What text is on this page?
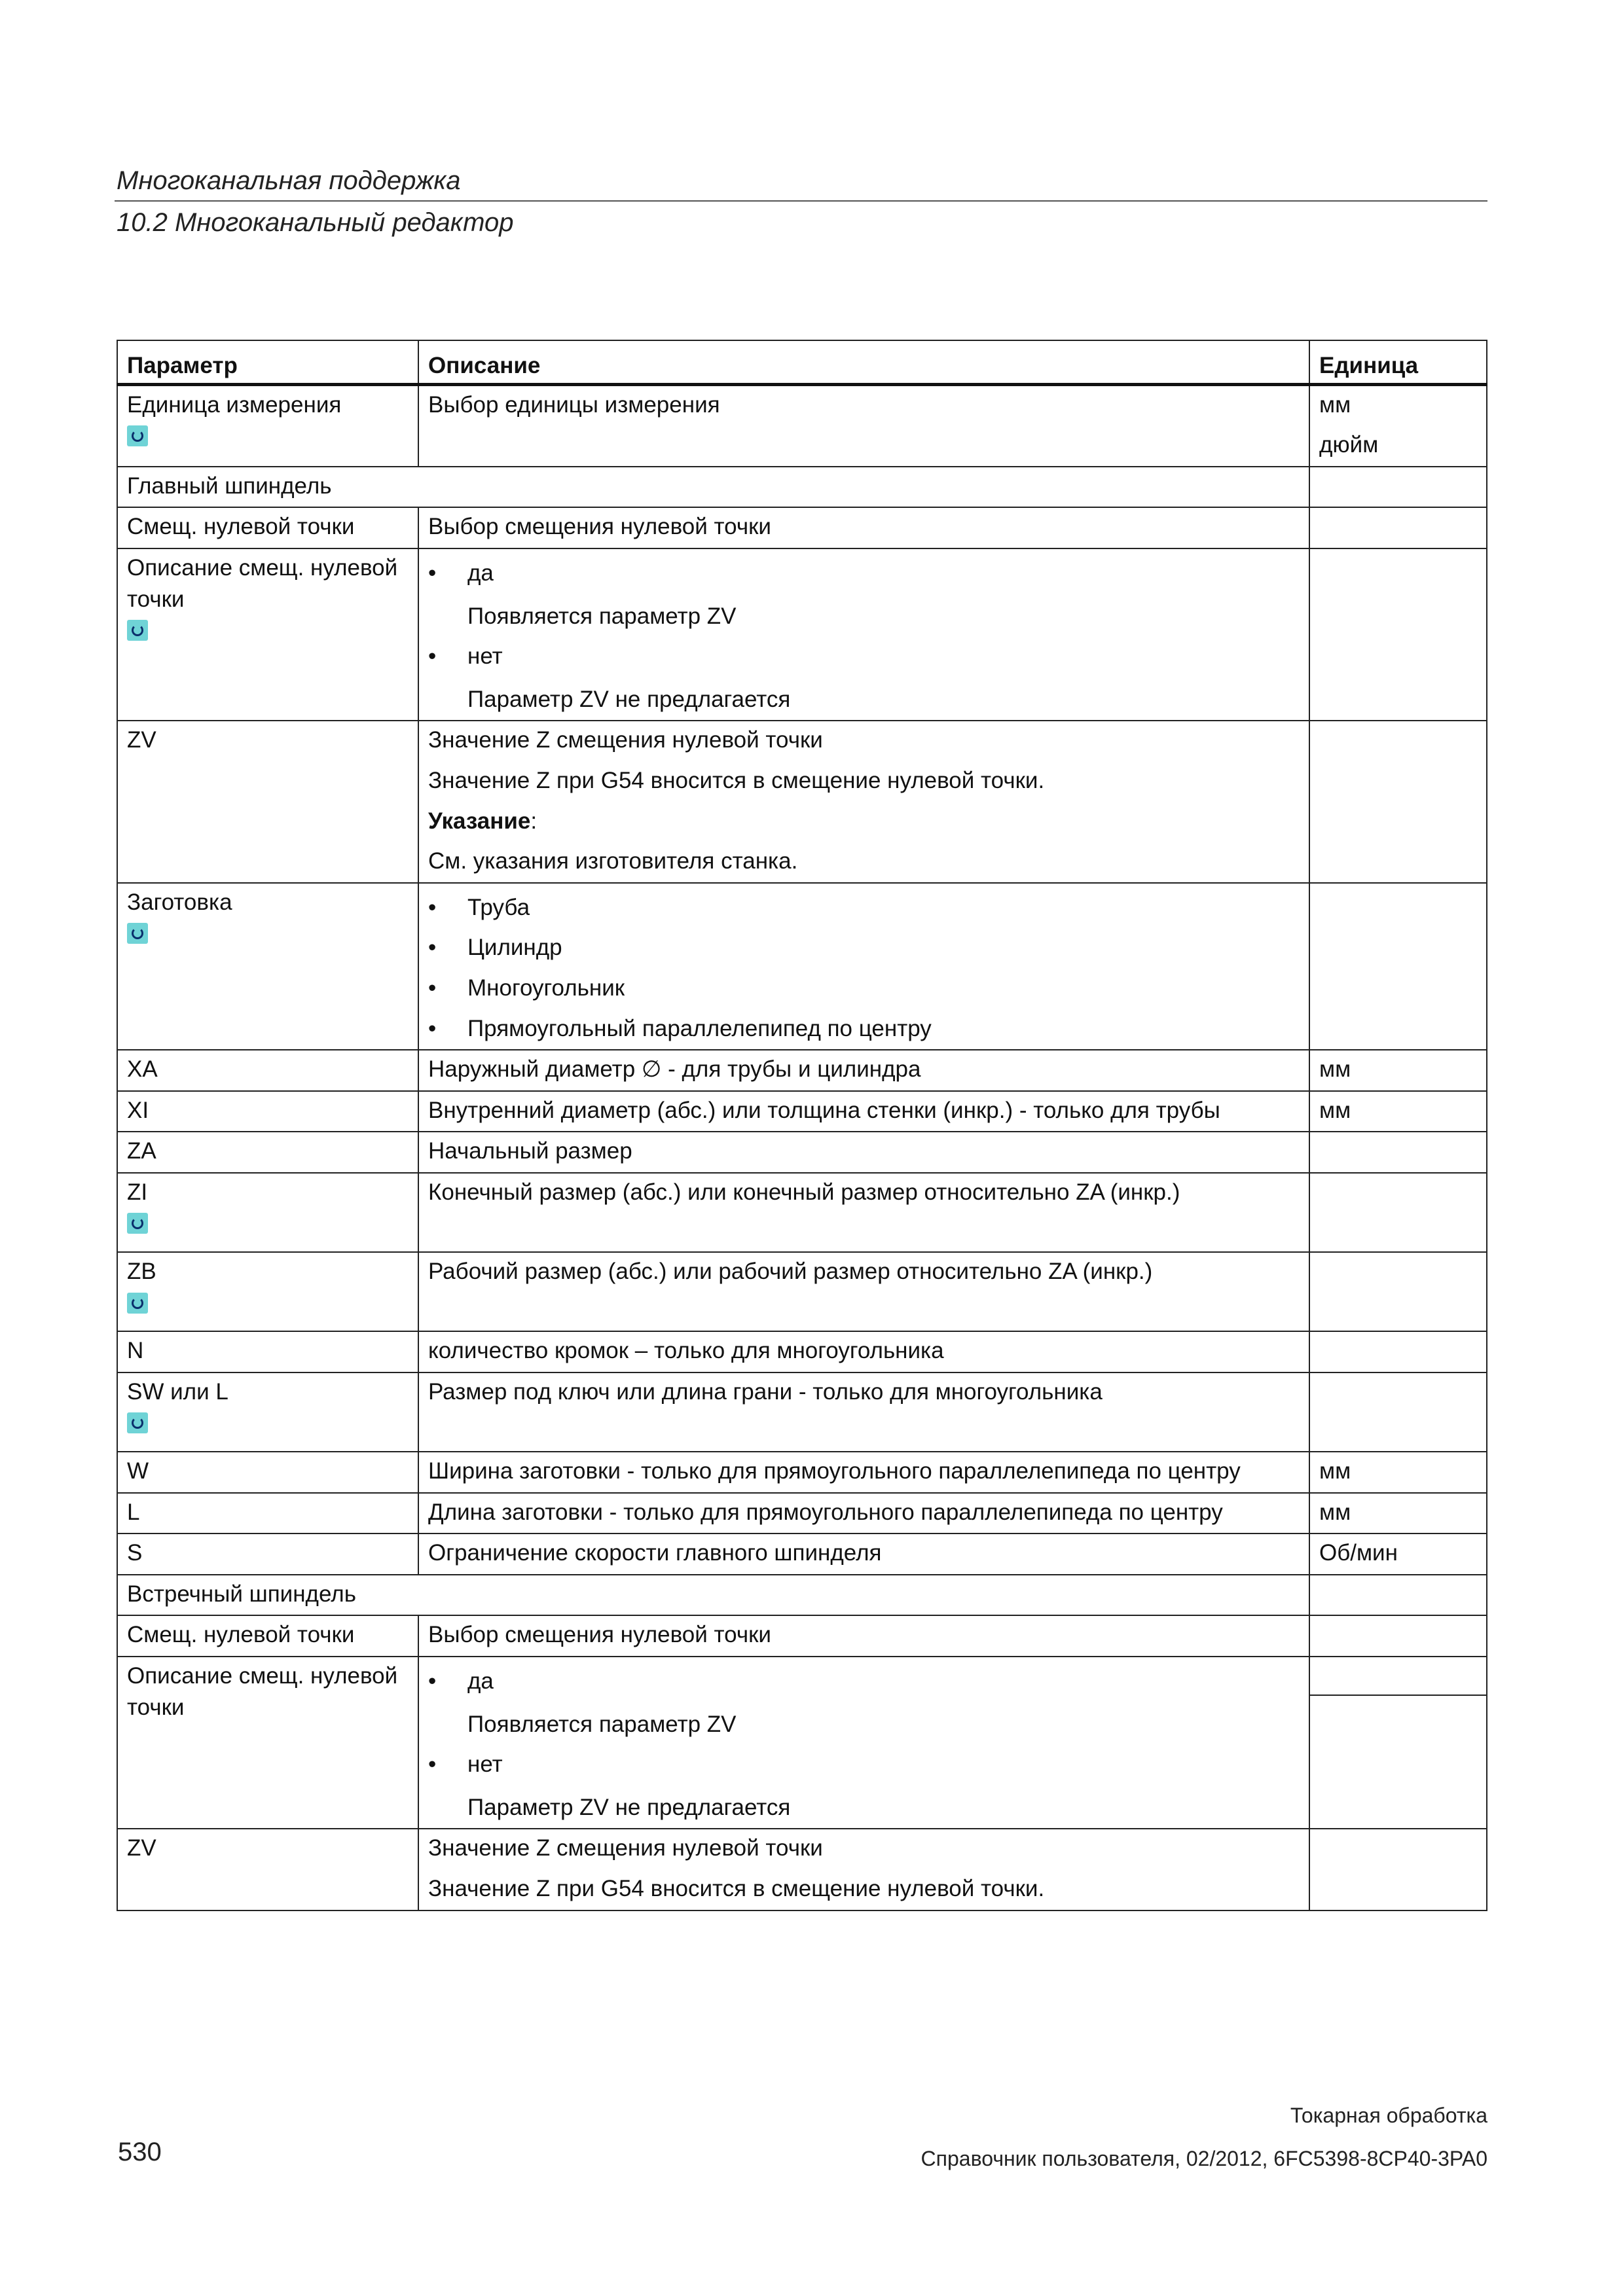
Многоканальная поддержка
10.2 Многоканальный редактор
Параметр	Описание	Единица

Единица измерения	Выбор единицы измерения	мм
дюйм

Главный шпиндель		

Смещ. нулевой точки	Выбор смещения нулевой точки	

Описание смещ. нулевой точки	• да
Появляется параметр ZV
• нет
Параметр ZV не предлагается

ZV	Значение Z смещения нулевой точки
Значение Z при G54 вносится в смещение нулевой точки.
Указание:
См. указания изготовителя станка.	

Заготовка	• Труба
• Цилиндр
• Многоугольник
• Прямоугольный параллелепипед по центру

XA	Наружный диаметр ∅ - для трубы и цилиндра	мм

XI	Внутренний диаметр (абс.) или толщина стенки (инкр.) - только для трубы	мм

ZA	Начальный размер	

ZI	Конечный размер (абс.) или конечный размер относительно ZA (инкр.)	

ZB	Рабочий размер (абс.) или рабочий размер относительно ZA (инкр.)	

N	количество кромок – только для многоугольника	

SW или L	Размер под ключ или длина грани - только для многоугольника	

W	Ширина заготовки - только для прямоугольного параллелепипеда по центру	мм

L	Длина заготовки - только для прямоугольного параллелепипеда по центру	мм

S	Ограничение скорости главного шпинделя	Об/мин

Встречный шпиндель		

Смещ. нулевой точки	Выбор смещения нулевой точки	

Описание смещ. нулевой точки	• да
Появляется параметр ZV
• нет
Параметр ZV не предлагается

ZV	Значение Z смещения нулевой точки
Значение Z при G54 вносится в смещение нулевой точки.	

Токарная обработка
530	Справочник пользователя, 02/2012, 6FC5398-8CP40-3PA0
